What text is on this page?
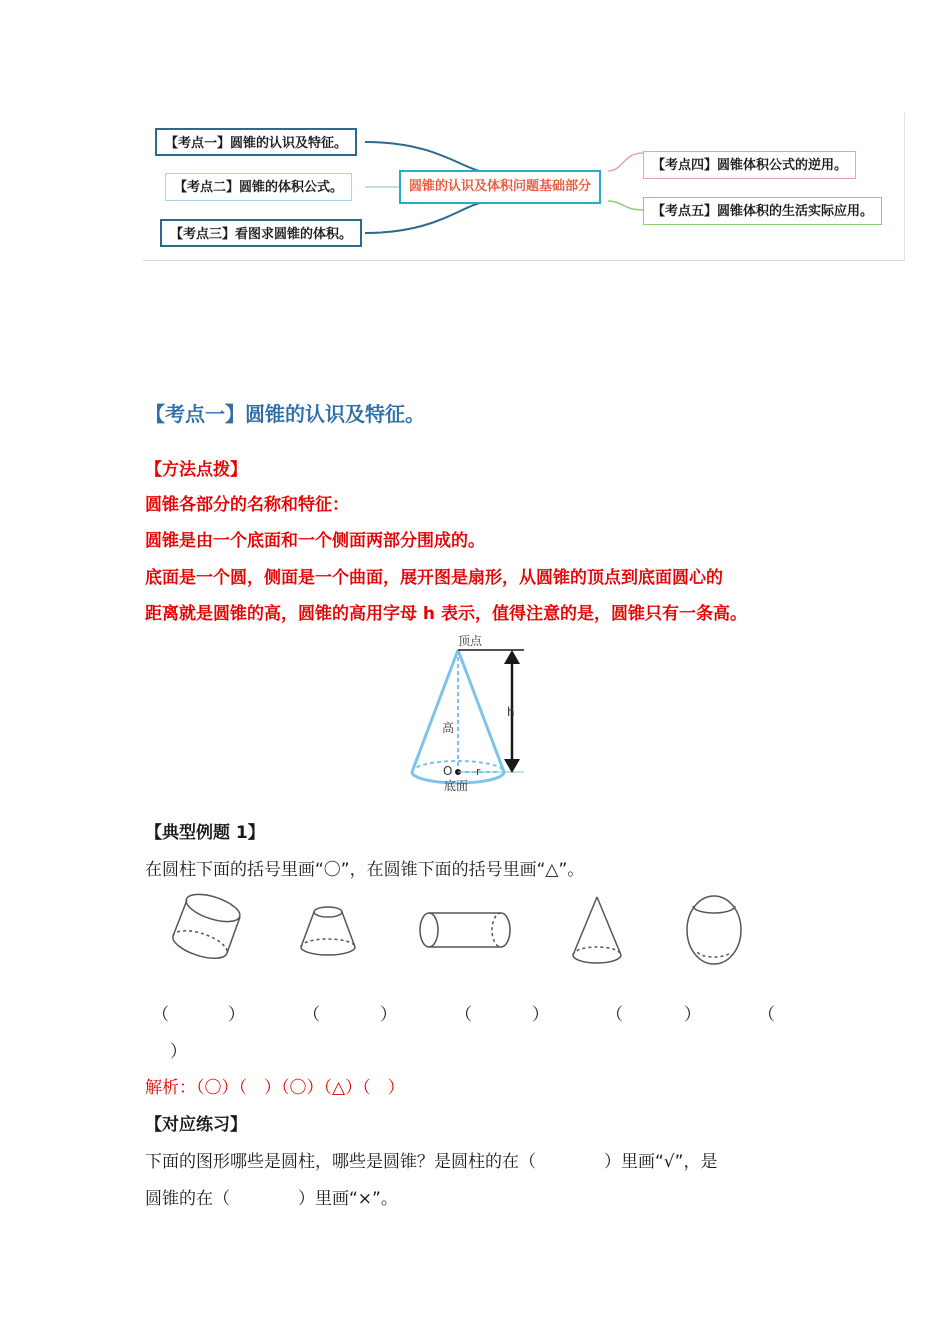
【考点一】圆锥的认识及特征。
【考点二】圆锥的体积公式。
【考点三】看图求圆锥的体积。
圆锥的认识及体积问题基础部分
【考点四】圆锥体积公式的逆用。
【考点五】圆锥体积的生活实际应用。
【考点一】圆锥的认识及特征。
【方法点拨】
圆锥各部分的名称和特征：
圆锥是由一个底面和一个侧面两部分围成的。
底面是一个圆，侧面是一个曲面，展开图是扇形，从圆锥的顶点到底面圆心的
距离就是圆锥的高，圆锥的高用字母 h 表示，值得注意的是，圆锥只有一条高。
顶点
高
h
O r
底面
【典型例题 1】
在圆柱下面的括号里画“〇”，在圆锥下面的括号里画“△”。
（	）	（	）	（	）	（	）	（
）
解析：（〇）（　）（〇）（△）（　）
【对应练习】
下面的图形哪些是圆柱，哪些是圆锥？是圆柱的在（　　　　）里画“√”，是
圆锥的在（　　　　）里画“×”。
